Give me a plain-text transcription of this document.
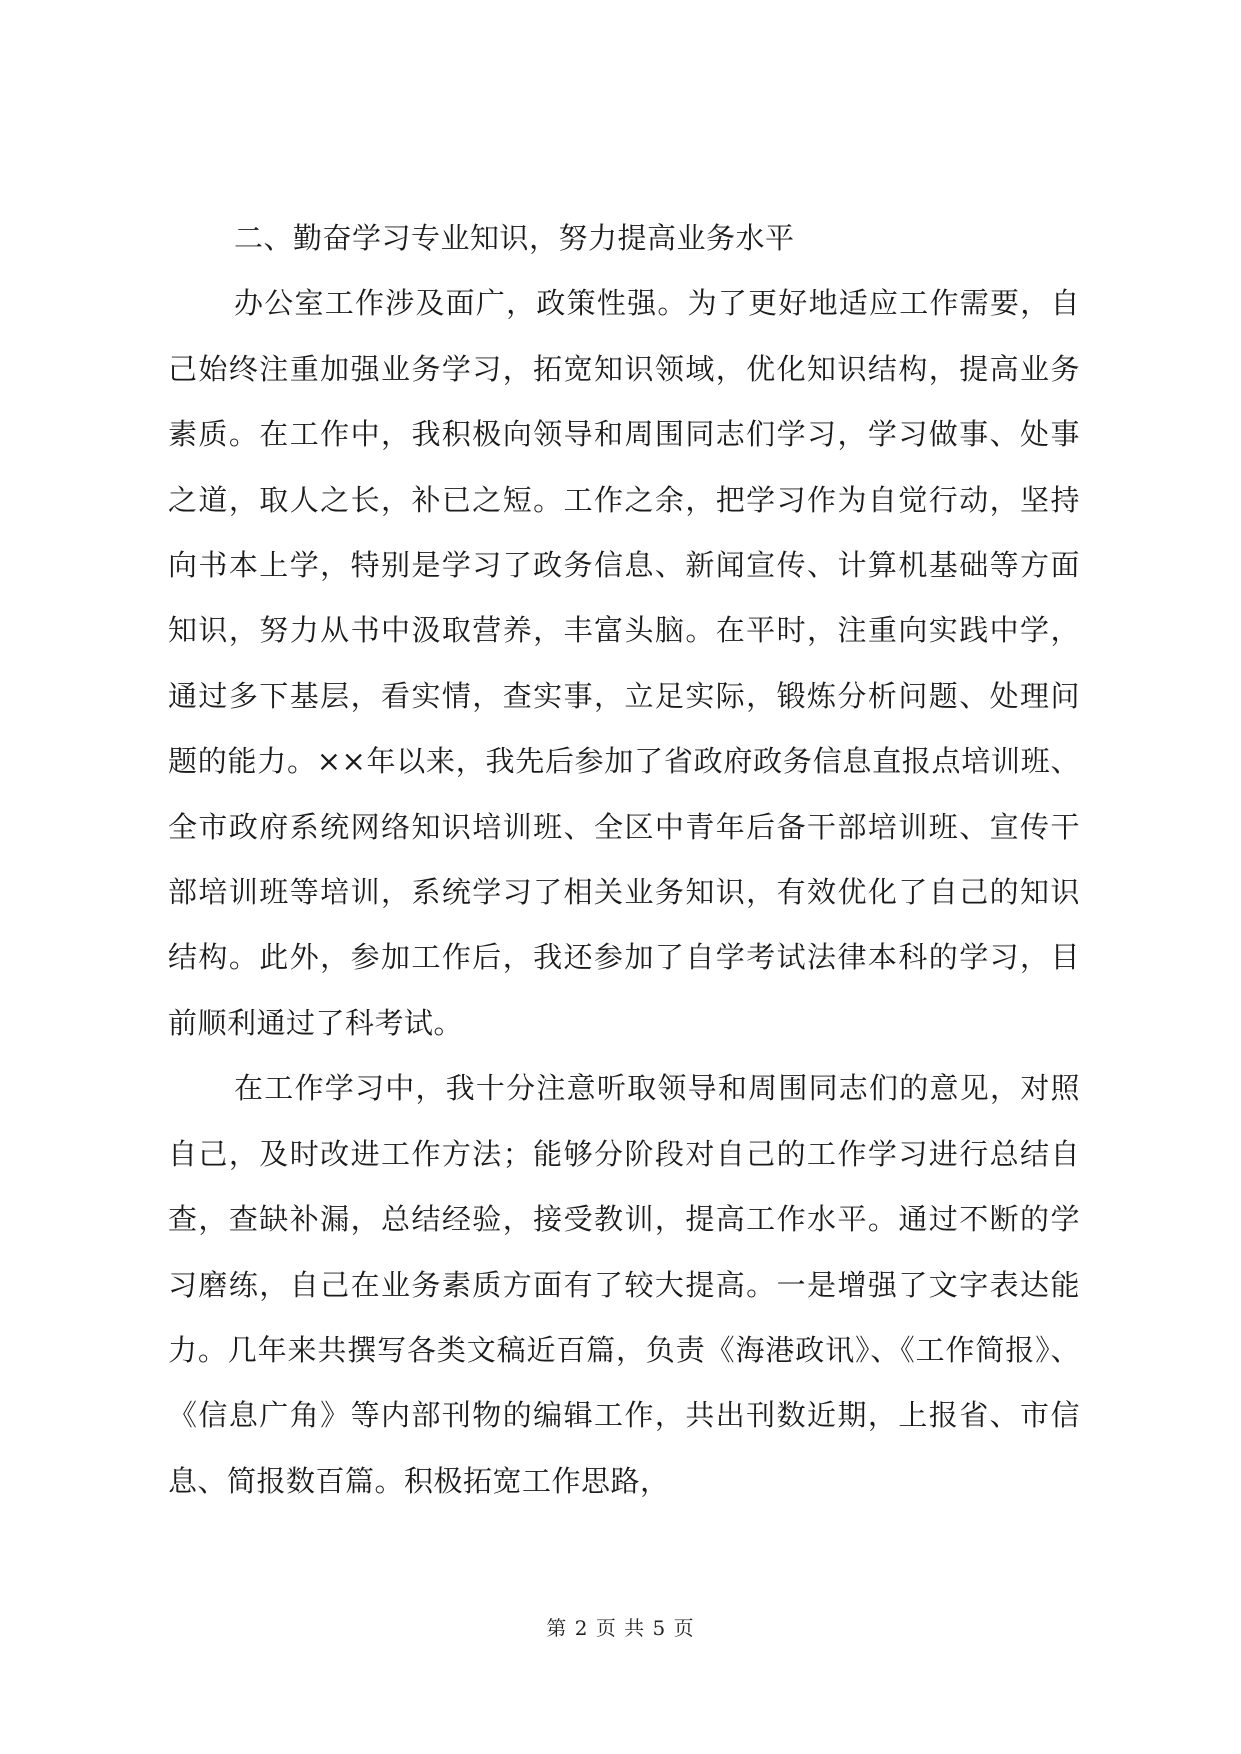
二、勤奋学习专业知识，努力提高业务水平

办公室工作涉及面广，政策性强。为了更好地适应工作需要，自己始终注重加强业务学习，拓宽知识领域，优化知识结构，提高业务素质。在工作中，我积极向领导和周围同志们学习，学习做事、处事之道，取人之长，补已之短。工作之余，把学习作为自觉行动，坚持向书本上学，特别是学习了政务信息、新闻宣传、计算机基础等方面知识，努力从书中汲取营养，丰富头脑。在平时，注重向实践中学，通过多下基层，看实情，查实事，立足实际，锻炼分析问题、处理问题的能力。××年以来，我先后参加了省政府政务信息直报点培训班、全市政府系统网络知识培训班、全区中青年后备干部培训班、宣传干部培训班等培训，系统学习了相关业务知识，有效优化了自己的知识结构。此外，参加工作后，我还参加了自学考试法律本科的学习，目前顺利通过了科考试。

在工作学习中，我十分注意听取领导和周围同志们的意见，对照自己，及时改进工作方法；能够分阶段对自己的工作学习进行总结自查，查缺补漏，总结经验，接受教训，提高工作水平。通过不断的学习磨练，自己在业务素质方面有了较大提高。一是增强了文字表达能力。几年来共撰写各类文稿近百篇，负责《海港政讯》、《工作简报》、《信息广角》等内部刊物的编辑工作，共出刊数近期，上报省、市信息、简报数百篇。积极拓宽工作思路，

第 2 页 共 5 页
